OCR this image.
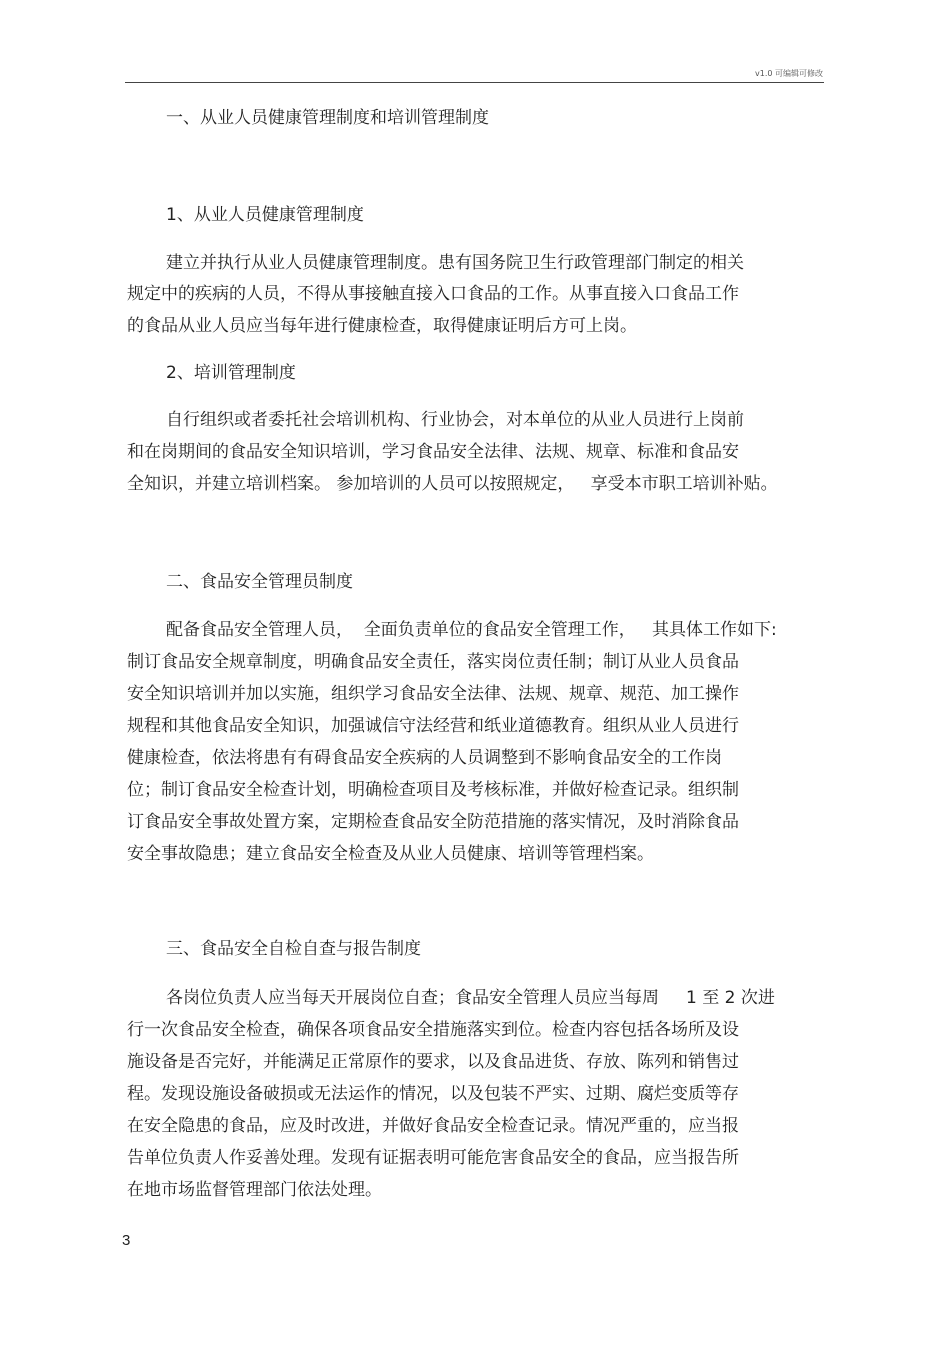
v1.0 可编辑可修改
一、从业人员健康管理制度和培训管理制度
1、从业人员健康管理制度
建立并执行从业人员健康管理制度。患有国务院卫生行政管理部门制定的相关
规定中的疾病的人员，不得从事接触直接入口食品的工作。从事直接入口食品工作
的食品从业人员应当每年进行健康检查，取得健康证明后方可上岗。
2、培训管理制度
自行组织或者委托社会培训机构、行业协会，对本单位的从业人员进行上岗前
和在岗期间的食品安全知识培训，学习食品安全法律、法规、规章、标准和食品安
全知识，并建立培训档案。 参加培训的人员可以按照规定，   享受本市职工培训补贴。
二、食品安全管理员制度
配备食品安全管理人员，  全面负责单位的食品安全管理工作，   其具体工作如下:
制订食品安全规章制度，明确食品安全责任，落实岗位责任制；制订从业人员食品
安全知识培训并加以实施，组织学习食品安全法律、法规、规章、规范、加工操作
规程和其他食品安全知识，加强诚信守法经营和纸业道德教育。组织从业人员进行
健康检查，依法将患有有碍食品安全疾病的人员调整到不影响食品安全的工作岗
位；制订食品安全检查计划，明确检查项目及考核标准，并做好检查记录。组织制
订食品安全事故处置方案，定期检查食品安全防范措施的落实情况，及时消除食品
安全事故隐患；建立食品安全检查及从业人员健康、培训等管理档案。
三、食品安全自检自查与报告制度
各岗位负责人应当每天开展岗位自查；食品安全管理人员应当每周     1 至 2 次进
行一次食品安全检查，确保各项食品安全措施落实到位。检查内容包括各场所及设
施设备是否完好，并能满足正常原作的要求，以及食品进货、存放、陈列和销售过
程。发现设施设备破损或无法运作的情况，以及包装不严实、过期、腐烂变质等存
在安全隐患的食品，应及时改进，并做好食品安全检查记录。情况严重的，应当报
告单位负责人作妥善处理。发现有证据表明可能危害食品安全的食品，应当报告所
在地市场监督管理部门依法处理。
3
